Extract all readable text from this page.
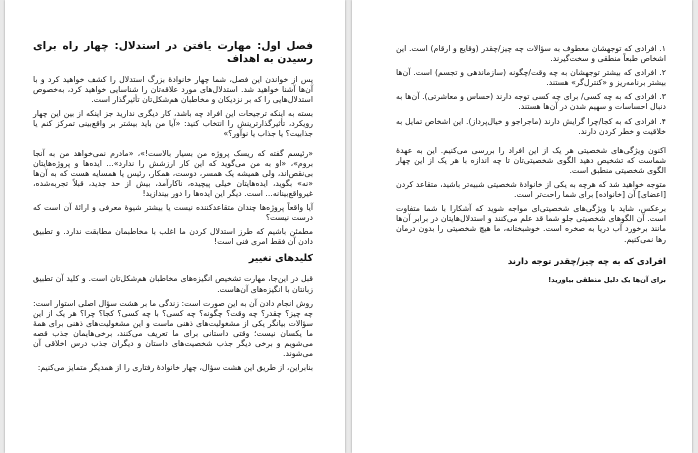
فصل اول: مهارت یافتن در استدلال: چهار راه برای رسیدن به اهداف
پس از خواندن این فصل، شما چهار خانوادهٔ بزرگ استدلال را کشف خواهید کرد و با آن‌ها آشنا خواهید شد. استدلال‌های مورد علاقه‌تان را شناسایی خواهید کرد، به‌خصوص استدلال‌هایی را که بر نزدیکان و مخاطبان هم‌شکل‌تان تأثیرگذار است.
بسته به اینکه ترجیحات این افراد چه باشد، کار دیگری ندارید جز اینکه از بین این چهار رویکرد، تأثیرگذارترینش را انتخاب کنید: «آیا من باید بیشتر بر واقع‌بینی تمرکز کنم یا جذابیت؟ یا جذاب یا نوآور؟»
«رئیسم گفته که ریسک پروژه من بسیار بالاست!»، «مادرم نمی‌خواهد من به آنجا بروم»، «او به من می‌گوید که این کار ارزشش را ندارد»... ایده‌ها و پروژه‌هایتان بی‌نقص‌اند، ولی همیشه یک همسر، دوست، همکار، رئیس یا همسایه هست که به آن‌ها «نه» بگوید، ایده‌هایتان خیلی پیچیده، ناکارآمد، بیش از حد جدید، قبلاً تجربه‌شده، غیرواقع‌بینانه... است. دیگر این ایده‌ها را دور بیندازید!
آیا واقعاً پروژه‌ها چندان متقاعدکننده نیست یا بیشتر شیوهٔ معرفی و ارائهٔ آن است که درست نیست؟
مطمئن باشیم که طرز استدلال کردن ما اغلب با مخاطبمان مطابقت ندارد. و تطبیق دادن آن فقط امری فنی است!
کلیدهای تغییر
قبل در این‌جا، مهارت تشخیص انگیزه‌های مخاطبان هم‌شکل‌تان است. و کلید آن تطبیق زبانتان با انگیزه‌های آن‌هاست.
روش انجام دادن آن به این صورت است: زندگی ما بر هشت سؤال اصلی استوار است: چه چیز؟ چقدر؟ چه وقت؟ چگونه؟ چه کسی؟ با چه کسی؟ کجا؟ چرا؟ هر یک از این سؤالات بیانگر یکی از مشغولیت‌های ذهنی ماست و این مشغولیت‌های ذهنی برای همهٔ ما یکسان نیست؛ وقتی داستانی برای ما تعریف می‌کنند، برخی‌هایمان جذب قصه می‌شویم و برخی دیگر جذب شخصیت‌های داستان و دیگران جذب درس اخلاقی آن می‌شوند.
بنابراین، از طریق این هشت سؤال، چهار خانوادهٔ رفتاری را از همدیگر متمایز می‌کنیم:
۱. افرادی که توجهشان معطوف به سؤالات چه چیز/چقدر (وقایع و ارقام) است. این اشخاص طبعاً منطقی و سخت‌گیرند.
۲. افرادی که بیشتر توجهشان به چه وقت/چگونه (سازماندهی و تجسم) است. آن‌ها بیشتر برنامه‌ریز و «کنترل‌گر» هستند.
۳. افرادی که به چه کسی/ برای چه کسی توجه دارند (حساس و معاشرتی). آن‌ها به دنبال احساسات و سهیم شدن در آن‌ها هستند.
۴. افرادی که به کجا/چرا گرایش دارند (ماجراجو و خیال‌پرداز). این اشخاص تمایل به خلاقیت و خطر کردن دارند.
اکنون ویژگی‌های شخصیتی هر یک از این افراد را بررسی می‌کنیم. این به عهدهٔ شماست که تشخیص دهید الگوی شخصیتی‌تان تا چه اندازه با هر یک از این چهار الگوی شخصیتی منطبق است.
متوجه خواهید شد که هرچه به یکی از خانوادهٔ شخصیتی شبیه‌تر باشید، متقاعد کردن [اعضای] آن [خانواده] برای شما راحت‌تر است.
برعکس، شاید با ویژگی‌های شخصیتی‌ای مواجه شوید که آشکارا با شما متفاوت است. آن الگوهای شخصیتی جلو شما قد علم می‌کنند و استدلال‌هایتان در برابر آن‌ها مانند برخورد آب دریا به صخره است. خوشبختانه، ما هیچ شخصیتی را بدون درمان رها نمی‌کنیم.
افرادی که به چه چیز/چقدر توجه دارند
برای آن‌ها یک دلیل منطقی بیاورید!
